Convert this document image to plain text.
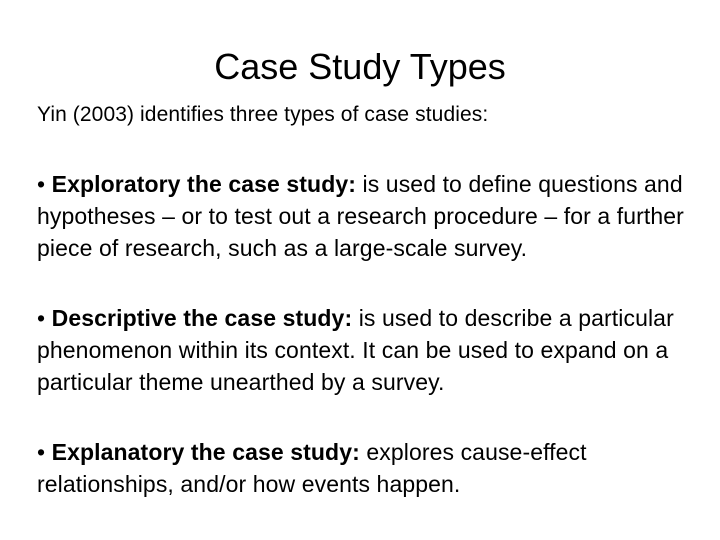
Case Study Types

Yin (2003) identifies three types of case studies:

• Exploratory the case study: is used to define questions and hypotheses – or to test out a research procedure – for a further piece of research, such as a large-scale survey.

• Descriptive the case study: is used to describe a particular phenomenon within its context. It can be used to expand on a particular theme unearthed by a survey.

• Explanatory the case study: explores cause-effect relationships, and/or how events happen.
